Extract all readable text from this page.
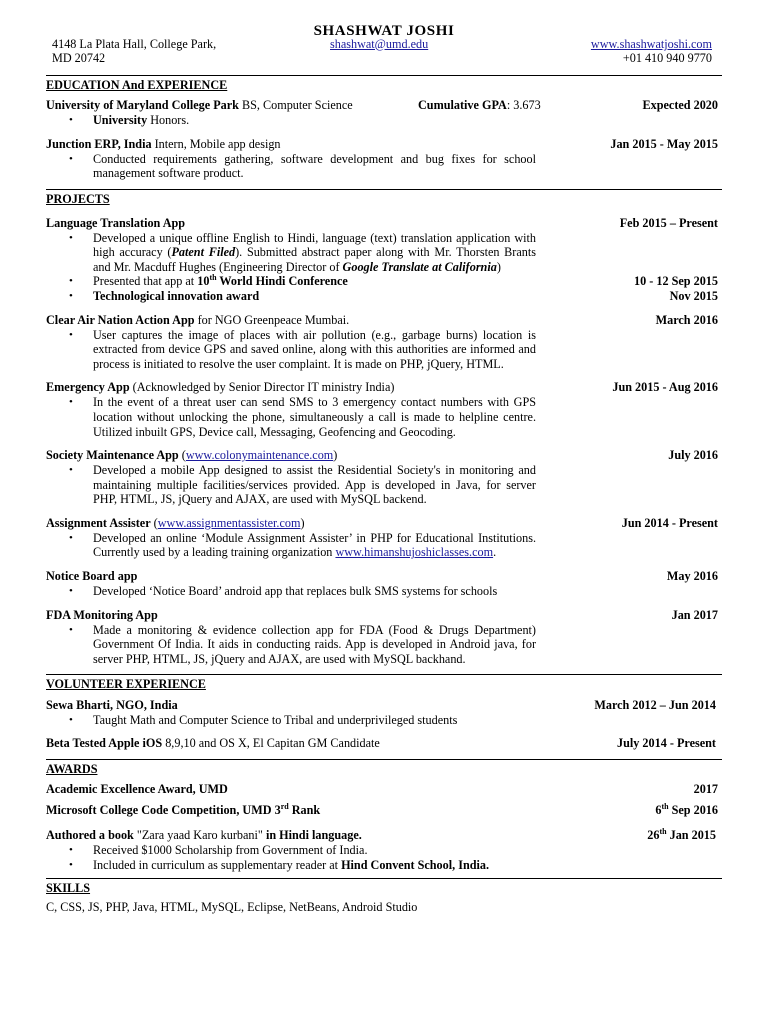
SHASHWAT JOSHI
4148 La Plata Hall, College Park,
MD 20742
shashwat@umd.edu	www.shashwatjoshi.com
+01 410 940 9770
EDUCATION And EXPERIENCE
University of Maryland College Park BS, Computer Science	Cumulative GPA: 3.673	Expected 2020
• University Honors.
Junction ERP, India Intern, Mobile app design	Jan 2015 - May 2015
• Conducted requirements gathering, software development and bug fixes for school management software product.
PROJECTS
Language Translation App	Feb 2015 – Present
• Developed a unique offline English to Hindi, language (text) translation application with high accuracy (Patent Filed). Submitted abstract paper along with Mr. Thorsten Brants and Mr. Macduff Hughes (Engineering Director of Google Translate at California)
• Presented that app at 10th World Hindi Conference	10 - 12 Sep 2015
• Technological innovation award	Nov 2015
Clear Air Nation Action App for NGO Greenpeace Mumbai.	March 2016
• User captures the image of places with air pollution (e.g., garbage burns) location is extracted from device GPS and saved online, along with this authorities are informed and process is initiated to resolve the user complaint. It is made on PHP, jQuery, HTML.
Emergency App (Acknowledged by Senior Director IT ministry India)	Jun 2015 - Aug 2016
• In the event of a threat user can send SMS to 3 emergency contact numbers with GPS location without unlocking the phone, simultaneously a call is made to helpline centre. Utilized inbuilt GPS, Device call, Messaging, Geofencing and Geocoding.
Society Maintenance App (www.colonymaintenance.com)	July 2016
• Developed a mobile App designed to assist the Residential Society's in monitoring and maintaining multiple facilities/services provided. App is developed in Java, for server PHP, HTML, JS, jQuery and AJAX, are used with MySQL backend.
Assignment Assister (www.assignmentassister.com)	Jun 2014 - Present
• Developed an online ‘Module Assignment Assister’ in PHP for Educational Institutions. Currently used by a leading training organization www.himanshujoshiclasses.com.
Notice Board app	May 2016
• Developed ‘Notice Board’ android app that replaces bulk SMS systems for schools
FDA Monitoring App	Jan 2017
• Made a monitoring & evidence collection app for FDA (Food & Drugs Department) Government Of India. It aids in conducting raids. App is developed in Android java, for server PHP, HTML, JS, jQuery and AJAX, are used with MySQL backhand.
VOLUNTEER EXPERIENCE
Sewa Bharti, NGO, India	March 2012 – Jun 2014
• Taught Math and Computer Science to Tribal and underprivileged students
Beta Tested Apple iOS 8,9,10 and OS X, El Capitan GM Candidate	July 2014 - Present
AWARDS
Academic Excellence Award, UMD	2017
Microsoft College Code Competition, UMD 3rd Rank	6th Sep 2016
Authored a book "Zara yaad Karo kurbani" in Hindi language.	26th Jan 2015
• Received $1000 Scholarship from Government of India.
• Included in curriculum as supplementary reader at Hind Convent School, India.
SKILLS
C, CSS, JS, PHP, Java, HTML, MySQL, Eclipse, NetBeans, Android Studio
